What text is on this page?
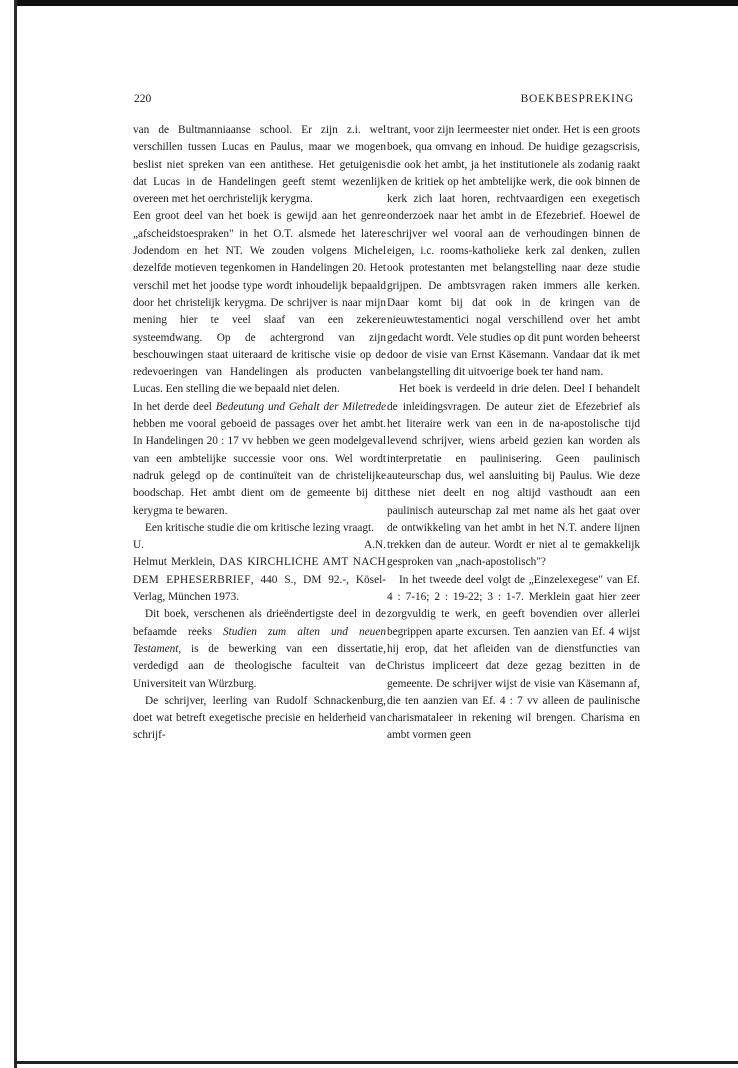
220	BOEKBESPREKING

van de Bultmanniaanse school. Er zijn z.i. wel verschillen tussen Lucas en Paulus, maar we mogen beslist niet spreken van een antithese. Het getuigenis dat Lucas in de Handelingen geeft stemt wezenlijk overeen met het oerchristelijk kerygma.

Een groot deel van het boek is gewijd aan het genre „afscheidstoespraken" in het O.T. alsmede het latere Jodendom en het NT. We zouden volgens Michel dezelfde motieven tegenkomen in Handelingen 20. Het verschil met het joodse type wordt inhoudelijk bepaald door het christelijk kerygma. De schrijver is naar mijn mening hier te veel slaaf van een zekere systeemdwang. Op de achtergrond van zijn beschouwingen staat uiteraard de kritische visie op de redevoeringen van Handelingen als producten van Lucas. Een stelling die we bepaald niet delen.

In het derde deel Bedeutung und Gehalt der Miletrede hebben me vooral geboeid de passages over het ambt. In Handelingen 20 : 17 vv hebben we geen modelgeval van een ambtelijke successie voor ons. Wel wordt nadruk gelegd op de continuïteit van de christelijke boodschap. Het ambt dient om de gemeente bij dit kerygma te bewaren.

Een kritische studie die om kritische lezing vraagt.

U.	A.N.

Helmut Merklein, DAS KIRCHLICHE AMT NACH DEM EPHESERBRIEF, 440 S., DM 92.-, Kösel-Verlag, München 1973.

Dit boek, verschenen als drieëndertigste deel in de befaamde reeks Studien zum alten und neuen Testament, is de bewerking van een dissertatie, verdedigd aan de theologische faculteit van de Universiteit van Würzburg.

De schrijver, leerling van Rudolf Schnackenburg, doet wat betreft exegetische precisie en helderheid van schrijf-

trant, voor zijn leermeester niet onder. Het is een groots boek, qua omvang en inhoud. De huidige gezagscrisis, die ook het ambt, ja het institutionele als zodanig raakt en de kritiek op het ambtelijke werk, die ook binnen de kerk zich laat horen, rechtvaardigen een exegetisch onderzoek naar het ambt in de Efezebrief. Hoewel de schrijver wel vooral aan de verhoudingen binnen de eigen, i.c. rooms-katholieke kerk zal denken, zullen ook protestanten met belangstelling naar deze studie grijpen. De ambtsvragen raken immers alle kerken. Daar komt bij dat ook in de kringen van de nieuwtestamentici nogal verschillend over het ambt gedacht wordt. Vele studies op dit punt worden beheerst door de visie van Ernst Käsemann. Vandaar dat ik met belangstelling dit uitvoerige boek ter hand nam.

Het boek is verdeeld in drie delen. Deel I behandelt de inleidingsvragen. De auteur ziet de Efezebrief als het literaire werk van een in de na-apostolische tijd levend schrijver, wiens arbeid gezien kan worden als interpretatie en paulinisering. Geen paulinisch auteurschap dus, wel aansluiting bij Paulus. Wie deze these niet deelt en nog altijd vasthoudt aan een paulinisch auteurschap zal met name als het gaat over de ontwikkeling van het ambt in het N.T. andere lijnen trekken dan de auteur. Wordt er niet al te gemakkelijk gesproken van „nach-apostolisch"?

In het tweede deel volgt de „Einzelexegese" van Ef. 4 : 7-16; 2 : 19-22; 3 : 1-7. Merklein gaat hier zeer zorgvuldig te werk, en geeft bovendien over allerlei begrippen aparte excursen. Ten aanzien van Ef. 4 wijst hij erop, dat het afleiden van de dienstfuncties van Christus impliceert dat deze gezag bezitten in de gemeente. De schrijver wijst de visie van Käsemann af, die ten aanzien van Ef. 4 : 7 vv alleen de paulinische charismataleer in rekening wil brengen. Charisma en ambt vormen geen
